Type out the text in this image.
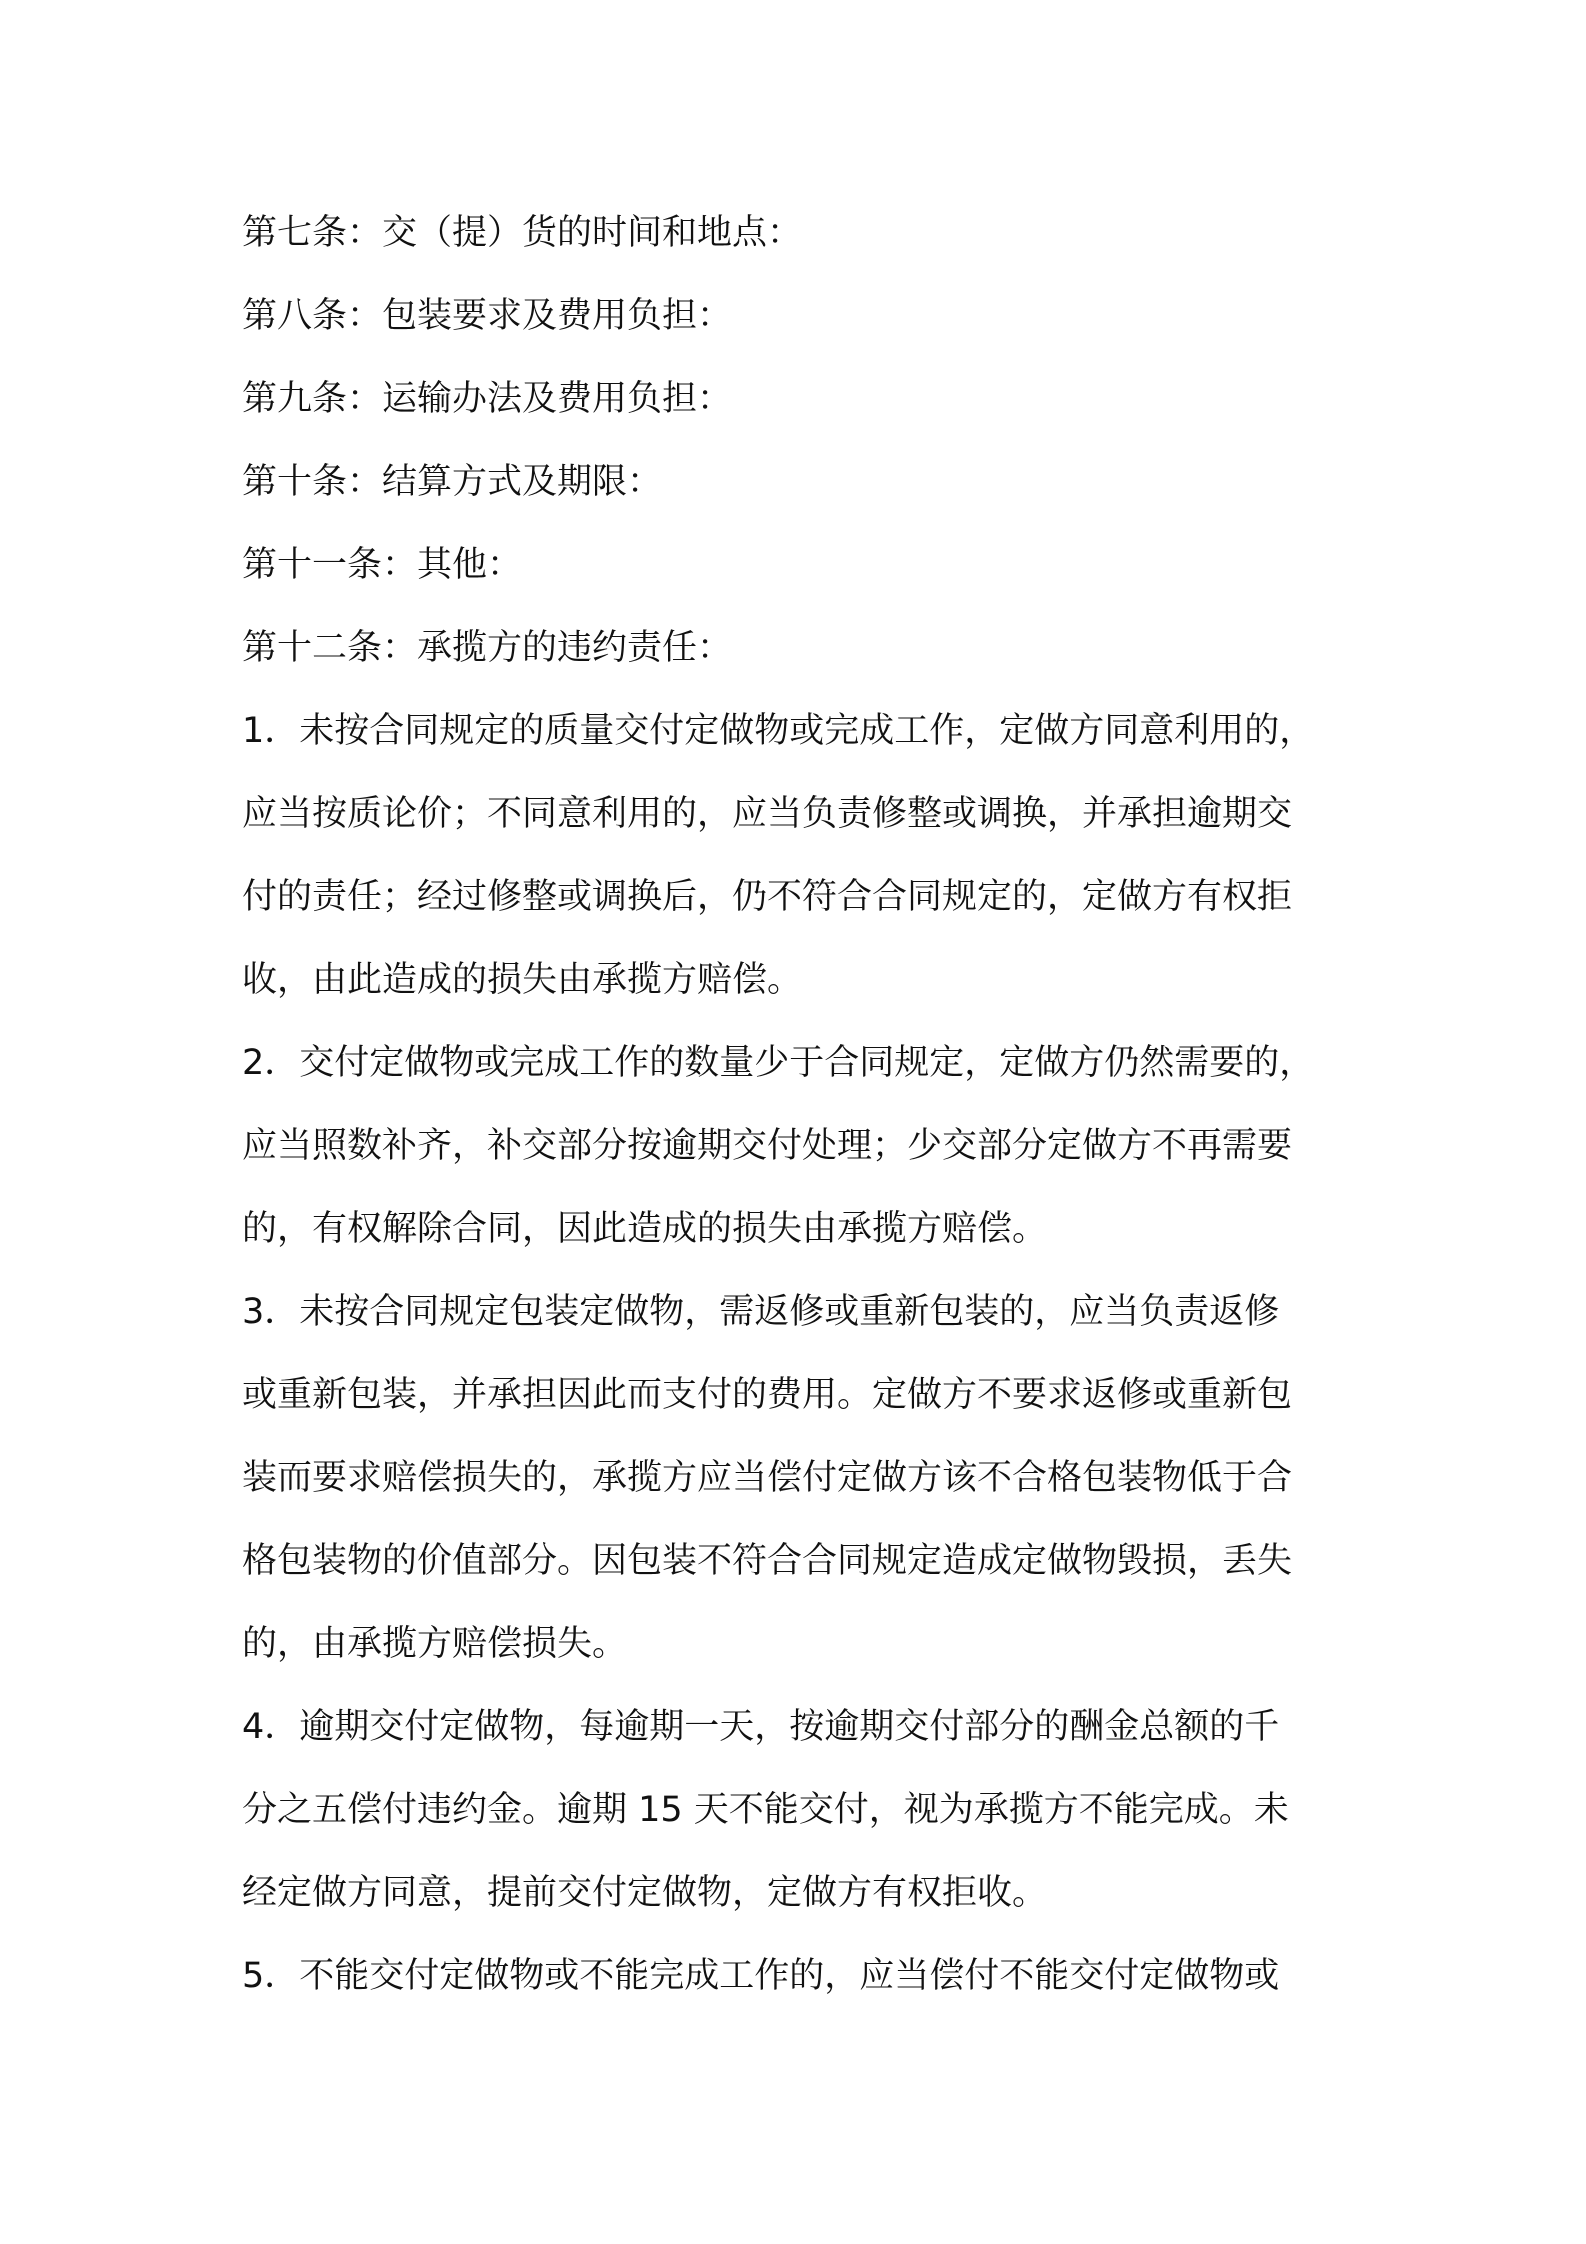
第七条：交（提）货的时间和地点：

第八条：包装要求及费用负担：

第九条：运输办法及费用负担：

第十条：结算方式及期限：

第十一条：其他：

第十二条：承揽方的违约责任：

1．未按合同规定的质量交付定做物或完成工作，定做方同意利用的，

应当按质论价；不同意利用的，应当负责修整或调换，并承担逾期交

付的责任；经过修整或调换后，仍不符合合同规定的，定做方有权拒

收，由此造成的损失由承揽方赔偿。

2．交付定做物或完成工作的数量少于合同规定，定做方仍然需要的，

应当照数补齐，补交部分按逾期交付处理；少交部分定做方不再需要

的，有权解除合同，因此造成的损失由承揽方赔偿。

3．未按合同规定包装定做物，需返修或重新包装的，应当负责返修

或重新包装，并承担因此而支付的费用。定做方不要求返修或重新包

装而要求赔偿损失的，承揽方应当偿付定做方该不合格包装物低于合

格包装物的价值部分。因包装不符合合同规定造成定做物毁损，丢失

的，由承揽方赔偿损失。

4．逾期交付定做物，每逾期一天，按逾期交付部分的酬金总额的千

分之五偿付违约金。逾期 15 天不能交付，视为承揽方不能完成。未

经定做方同意，提前交付定做物，定做方有权拒收。

5．不能交付定做物或不能完成工作的，应当偿付不能交付定做物或
